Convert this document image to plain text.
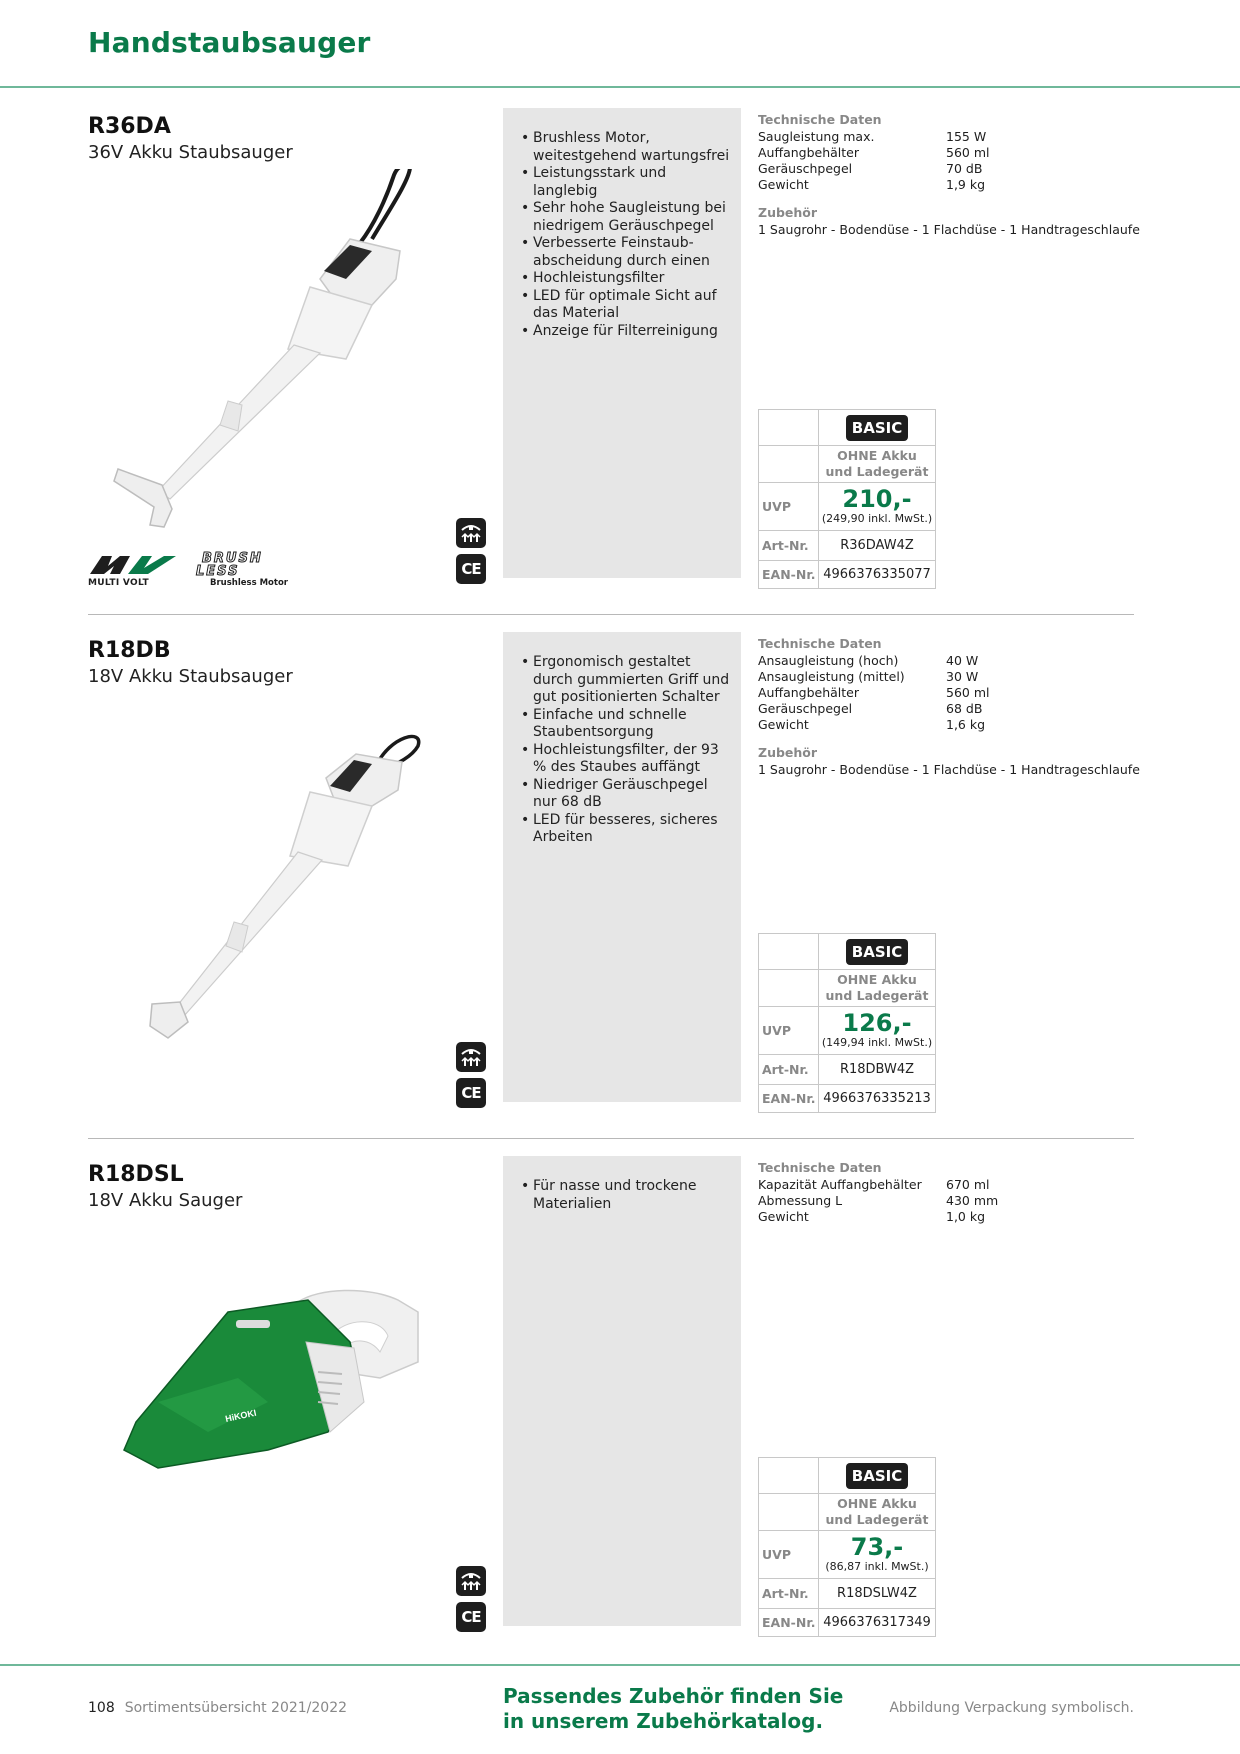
Handstaubsauger
R36DA
36V Akku Staubsauger
MULTI VOLT
BRUSH
LESS
Brushless Motor
CE
• Brushless Motor, weitestgehend wartungsfrei
• Leistungsstark und langlebig
• Sehr hohe Saugleistung bei niedrigem Geräuschpegel
• Verbesserte Feinstaub-abscheidung durch einen
• Hochleistungsfilter
• LED für optimale Sicht auf das Material
• Anzeige für Filterreinigung
Technische Daten
Saugleistung max.	155 W
Auffangbehälter	560 ml
Geräuschpegel	70 dB
Gewicht	1,9 kg
Zubehör
1 Saugrohr - Bodendüse - 1 Flachdüse - 1 Handtrageschlaufe
	BASIC

	OHNE Akku
und Ladegerät

UVP	210,-
(249,90 inkl. MwSt.)

Art-Nr.	R36DAW4Z
EAN-Nr.	4966376335077
R18DB
18V Akku Staubsauger
CE
• Ergonomisch gestaltet durch gummierten Griff und gut positionierten Schalter
• Einfache und schnelle Staubentsorgung
• Hochleistungsfilter, der 93 % des Staubes auffängt
• Niedriger Geräuschpegel nur 68 dB
• LED für besseres, sicheres Arbeiten
Technische Daten
Ansaugleistung (hoch)	40 W
Ansaugleistung (mittel)	30 W
Auffangbehälter	560 ml
Geräuschpegel	68 dB
Gewicht	1,6 kg
Zubehör
1 Saugrohr - Bodendüse - 1 Flachdüse - 1 Handtrageschlaufe
	BASIC

	OHNE Akku
und Ladegerät

UVP	126,-
(149,94 inkl. MwSt.)

Art-Nr.	R18DBW4Z
EAN-Nr.	4966376335213
R18DSL
18V Akku Sauger
HiKOKI
CE
• Für nasse und trockene Materialien
Technische Daten
Kapazität Auffangbehälter	670 ml
Abmessung L	430 mm
Gewicht	1,0 kg
	BASIC

	OHNE Akku
und Ladegerät

UVP	73,-
(86,87 inkl. MwSt.)

Art-Nr.	R18DSLW4Z
EAN-Nr.	4966376317349
108 Sortimentsübersicht 2021/2022	Passendes Zubehör finden Sie
in unserem Zubehörkatalog.
Abbildung Verpackung symbolisch.
